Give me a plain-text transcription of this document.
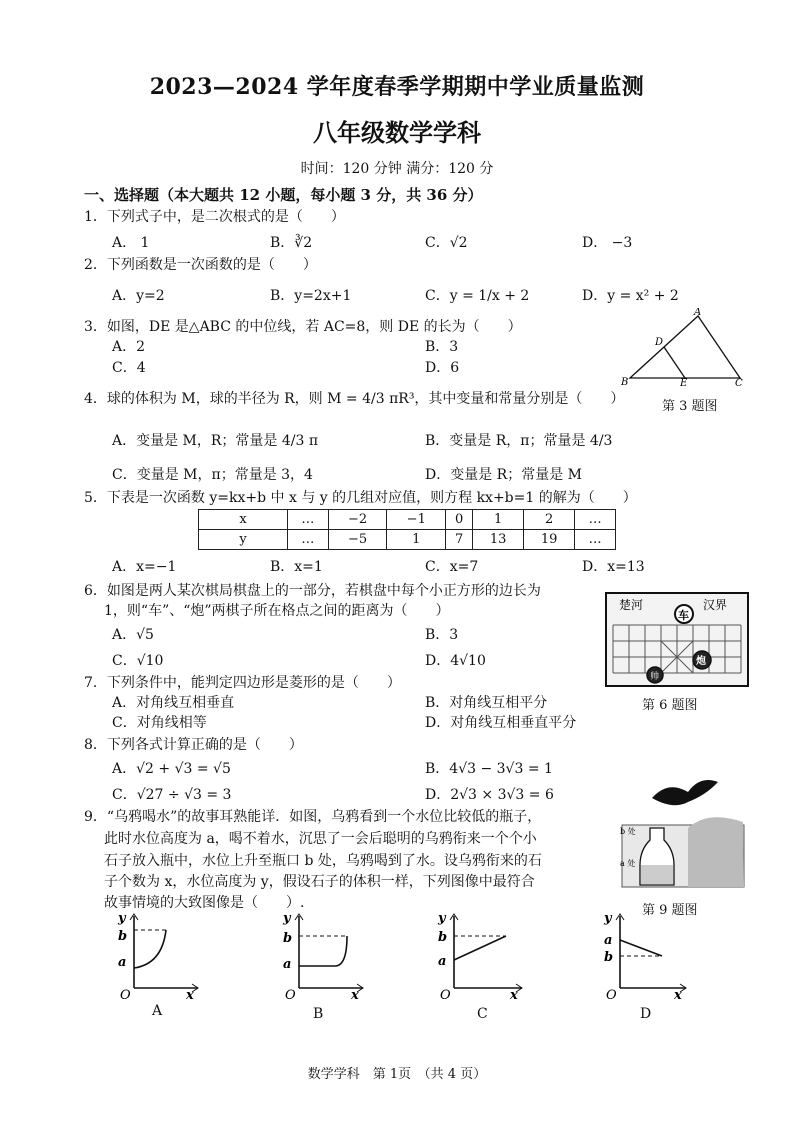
2023—2024 学年度春季学期期中学业质量监测
八年级数学学科
时间：120 分钟 满分：120 分
一、选择题（本大题共 12 小题，每小题 3 分，共 36 分）
1．下列式子中，是二次根式的是（　　）
A． 1	B．∛2	C．√2	D． −3
2．下列函数是一次函数的是（　　）
A．y=2	B．y=2x+1	C．y = 1/x + 2	D．y = x² + 2
3．如图，DE 是△ABC 的中位线，若 AC=8，则 DE 的长为（　　）
A．2	B．3
C．4	D．6
A
B	C
D
E
第 3 题图
4．球的体积为 M，球的半径为 R，则 M = 4/3 πR³，其中变量和常量分别是（　　）
A．变量是 M，R；常量是 4/3 π	B．变量是 R，π；常量是 4/3
C．变量是 M，π；常量是 3，4	D．变量是 R；常量是 M
5．下表是一次函数 y=kx+b 中 x 与 y 的几组对应值，则方程 kx+b=1 的解为（　　）
x	…	−2	−1	0	1	2	…
y	…	−5	1	7	13	19	…
A．x=−1	B．x=1	C．x=7	D．x=13
6．如图是两人某次棋局棋盘上的一部分，若棋盘中每个小正方形的边长为
1，则“车”、“炮”两棋子所在格点之间的距离为（　　）
A．√5	B．3
C．√10	D．4√10
楚河	汉界
车
炮
帅
第 6 题图
7．下列条件中，能判定四边形是菱形的是（　　）
A．对角线互相垂直	B．对角线互相平分
C．对角线相等	D．对角线互相垂直平分
8．下列各式计算正确的是（　　）
A．√2 + √3 = √5	B．4√3 − 3√3 = 1
C．√27 ÷ √3 = 3	D．2√3 × 3√3 = 6
9．“乌鸦喝水”的故事耳熟能详．如图，乌鸦看到一个水位比较低的瓶子，
此时水位高度为 a，喝不着水，沉思了一会后聪明的乌鸦衔来一个个小
石子放入瓶中，水位上升至瓶口 b 处，乌鸦喝到了水。设乌鸦衔来的石
子个数为 x，水位高度为 y，假设石子的体积一样，下列图像中最符合
故事情境的大致图像是（　　）.
b 处
a 处
第 9 题图
y
b
a
O	x
A
y
b
a
O	x
B
y
b
a
O	x
C
y
a
b
O	x
D
数学学科　第 1页　（共 4 页）
